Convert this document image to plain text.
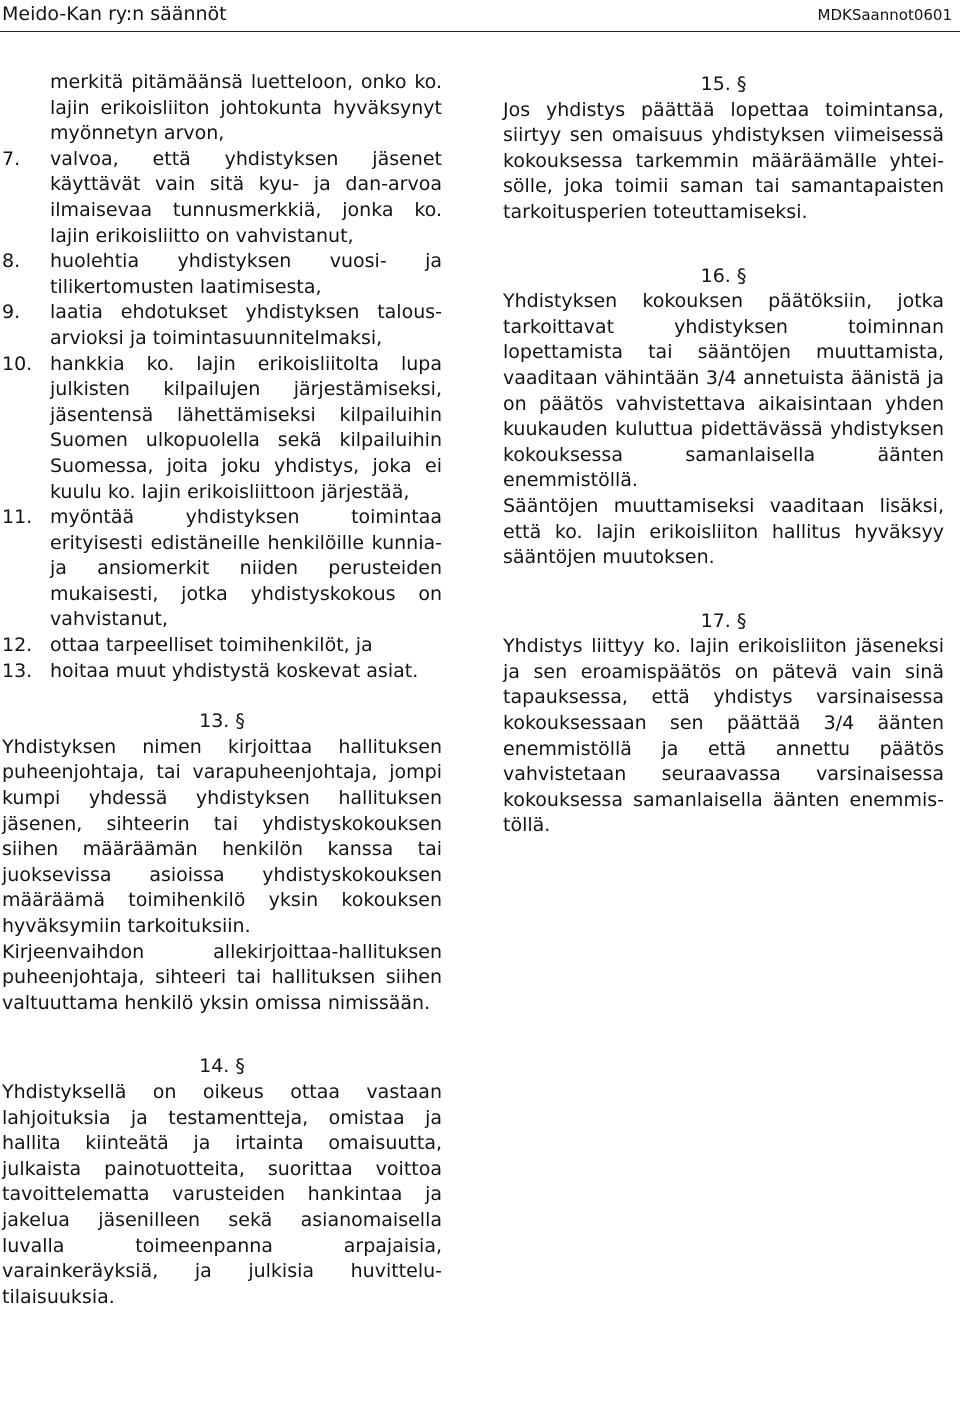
Meido-Kan ry:n säännöt	MDKSaannot0601
merkitä pitämäänsä luetteloon, onko ko. lajin erikoisliiton johtokunta hyväksynyt myönnetyn arvon,
7. valvoa, että yhdistyksen jäsenet käyttävät vain sitä kyu- ja dan-arvoa ilmaisevaa tunnusmerkkiä, jonka ko. lajin erikoisliitto on vahvistanut,
8. huolehtia yhdistyksen vuosi- ja tilikertomusten laatimisesta,
9. laatia ehdotukset yhdistyksen talous-arvioksi ja toimintasuunnitelmaksi,
10. hankkia ko. lajin erikoisliitolta lupa julkisten kilpailujen järjestämiseksi, jäsentensä lähettämiseksi kilpailuihin Suomen ulkopuolella sekä kilpailuihin Suomessa, joita joku yhdistys, joka ei kuulu ko. lajin erikoisliittoon järjestää,
11. myöntää yhdistyksen toimintaa erityisesti edistäneille henkilöille kunnia- ja ansiomerkit niiden perusteiden mukaisesti, jotka yhdistyskokous on vahvistanut,
12. ottaa tarpeelliset toimihenkilöt, ja
13. hoitaa muut yhdistystä koskevat asiat.
13. §

Yhdistyksen nimen kirjoittaa hallituksen puheenjohtaja, tai varapuheenjohtaja, jompi kumpi yhdessä yhdistyksen hallituksen jäsenen, sihteerin tai yhdistyskokouksen siihen määräämän henkilön kanssa tai juoksevissa asioissa yhdistyskokouksen määräämä toimihenkilö yksin kokouksen hyväksymiin tarkoituksiin.

Kirjeenvaihdon allekirjoittaa-hallituksen puheenjohtaja, sihteeri tai hallituksen siihen valtuuttama henkilö yksin omissa nimissään.

14. §

Yhdistyksellä on oikeus ottaa vastaan lahjoituksia ja testamentteja, omistaa ja hallita kiinteätä ja irtainta omaisuutta, julkaista painotuotteita, suorittaa voittoa tavoittelematta varusteiden hankintaa ja jakelua jäsenilleen sekä asianomaisella luvalla toimeenpanna arpajaisia, varainkeräyksiä, ja julkisia huvittelu-tilaisuuksia.

15. §

Jos yhdistys päättää lopettaa toimintansa, siirtyy sen omaisuus yhdistyksen viimeisessä kokouksessa tarkemmin määräämälle yhtei-sölle, joka toimii saman tai samantapaisten tarkoitusperien toteuttamiseksi.

16. §

Yhdistyksen kokouksen päätöksiin, jotka tarkoittavat yhdistyksen toiminnan lopettamista tai sääntöjen muuttamista, vaaditaan vähintään 3/4 annetuista äänistä ja on päätös vahvistettava aikaisintaan yhden kuukauden kuluttua pidettävässä yhdistyksen kokouksessa samanlaisella äänten enemmistöllä.

Sääntöjen muuttamiseksi vaaditaan lisäksi, että ko. lajin erikoisliiton hallitus hyväksyy sääntöjen muutoksen.

17. §

Yhdistys liittyy ko. lajin erikoisliiton jäseneksi ja sen eroamispäätös on pätevä vain sinä tapauksessa, että yhdistys varsinaisessa kokouksessaan sen päättää 3/4 äänten enemmistöllä ja että annettu päätös vahvistetaan seuraavassa varsinaisessa kokouksessa samanlaisella äänten enemmis-töllä.
